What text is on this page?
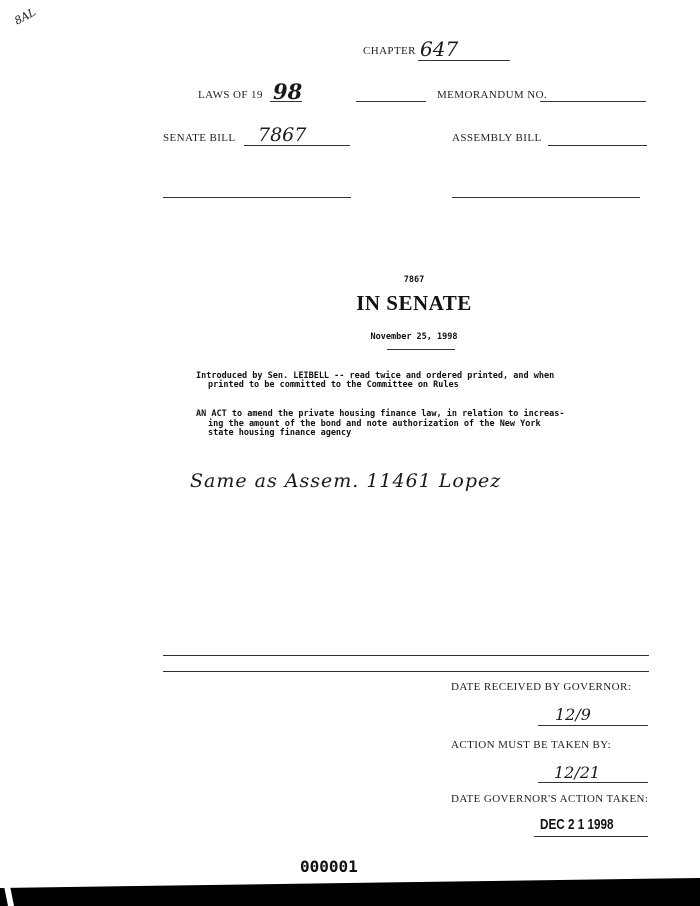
8AL
CHAPTER 647
LAWS OF 19 98	MEMORANDUM NO.
SENATE BILL 7867	ASSEMBLY BILL
7867
IN SENATE
November 25, 1998
Introduced by Sen. LEIBELL -- read twice and ordered printed, and when
printed to be committed to the Committee on Rules
AN ACT to amend the private housing finance law, in relation to increas-
ing the amount of the bond and note authorization of the New York
state housing finance agency
Same as Assem. 11461 Lopez
DATE RECEIVED BY GOVERNOR:
12/9
ACTION MUST BE TAKEN BY:
12/21
DATE GOVERNOR'S ACTION TAKEN:
DEC 2 1 1998
000001
